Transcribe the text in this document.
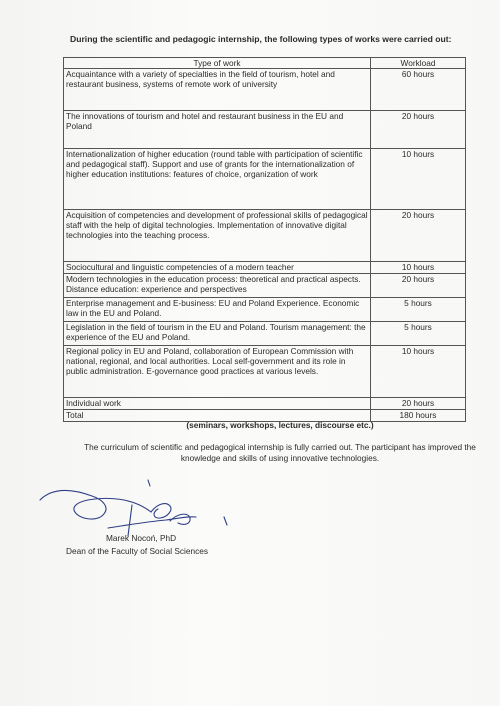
During the scientific and pedagogic internship, the following types of works were carried out:
Type of work	Workload
Acquaintance with a variety of specialties in the field of tourism, hotel and restaurant business, systems of remote work of university	60 hours
The innovations of tourism and hotel and restaurant business in the EU and Poland	20 hours
Internationalization of higher education (round table with participation of scientific and pedagogical staff). Support and use of grants for the internationalization of higher education institutions: features of choice, organization of work	10 hours
Acquisition of competencies and development of professional skills of pedagogical staff with the help of digital technologies. Implementation of innovative digital technologies into the teaching process.	20 hours
Sociocultural and linguistic competencies of a modern teacher	10 hours
Modern technologies in the education process: theoretical and practical aspects. Distance education: experience and perspectives	20 hours
Enterprise management and E-business: EU and Poland Experience. Economic law in the EU and Poland.	5 hours
Legislation in the field of tourism in the EU and Poland. Tourism management: the experience of the EU and Poland.	5 hours
Regional policy in EU and Poland, collaboration of European Commission with national, regional, and local authorities. Local self-government and its role in public administration. E-governance good practices at various levels.	10 hours
Individual work	20 hours
Total	180 hours
(seminars, workshops, lectures, discourse etc.)
The curriculum of scientific and pedagogical internship is fully carried out. The participant has improved the knowledge and skills of using innovative technologies.
Marek Nocoń, PhD
Dean of the Faculty of Social Sciences
